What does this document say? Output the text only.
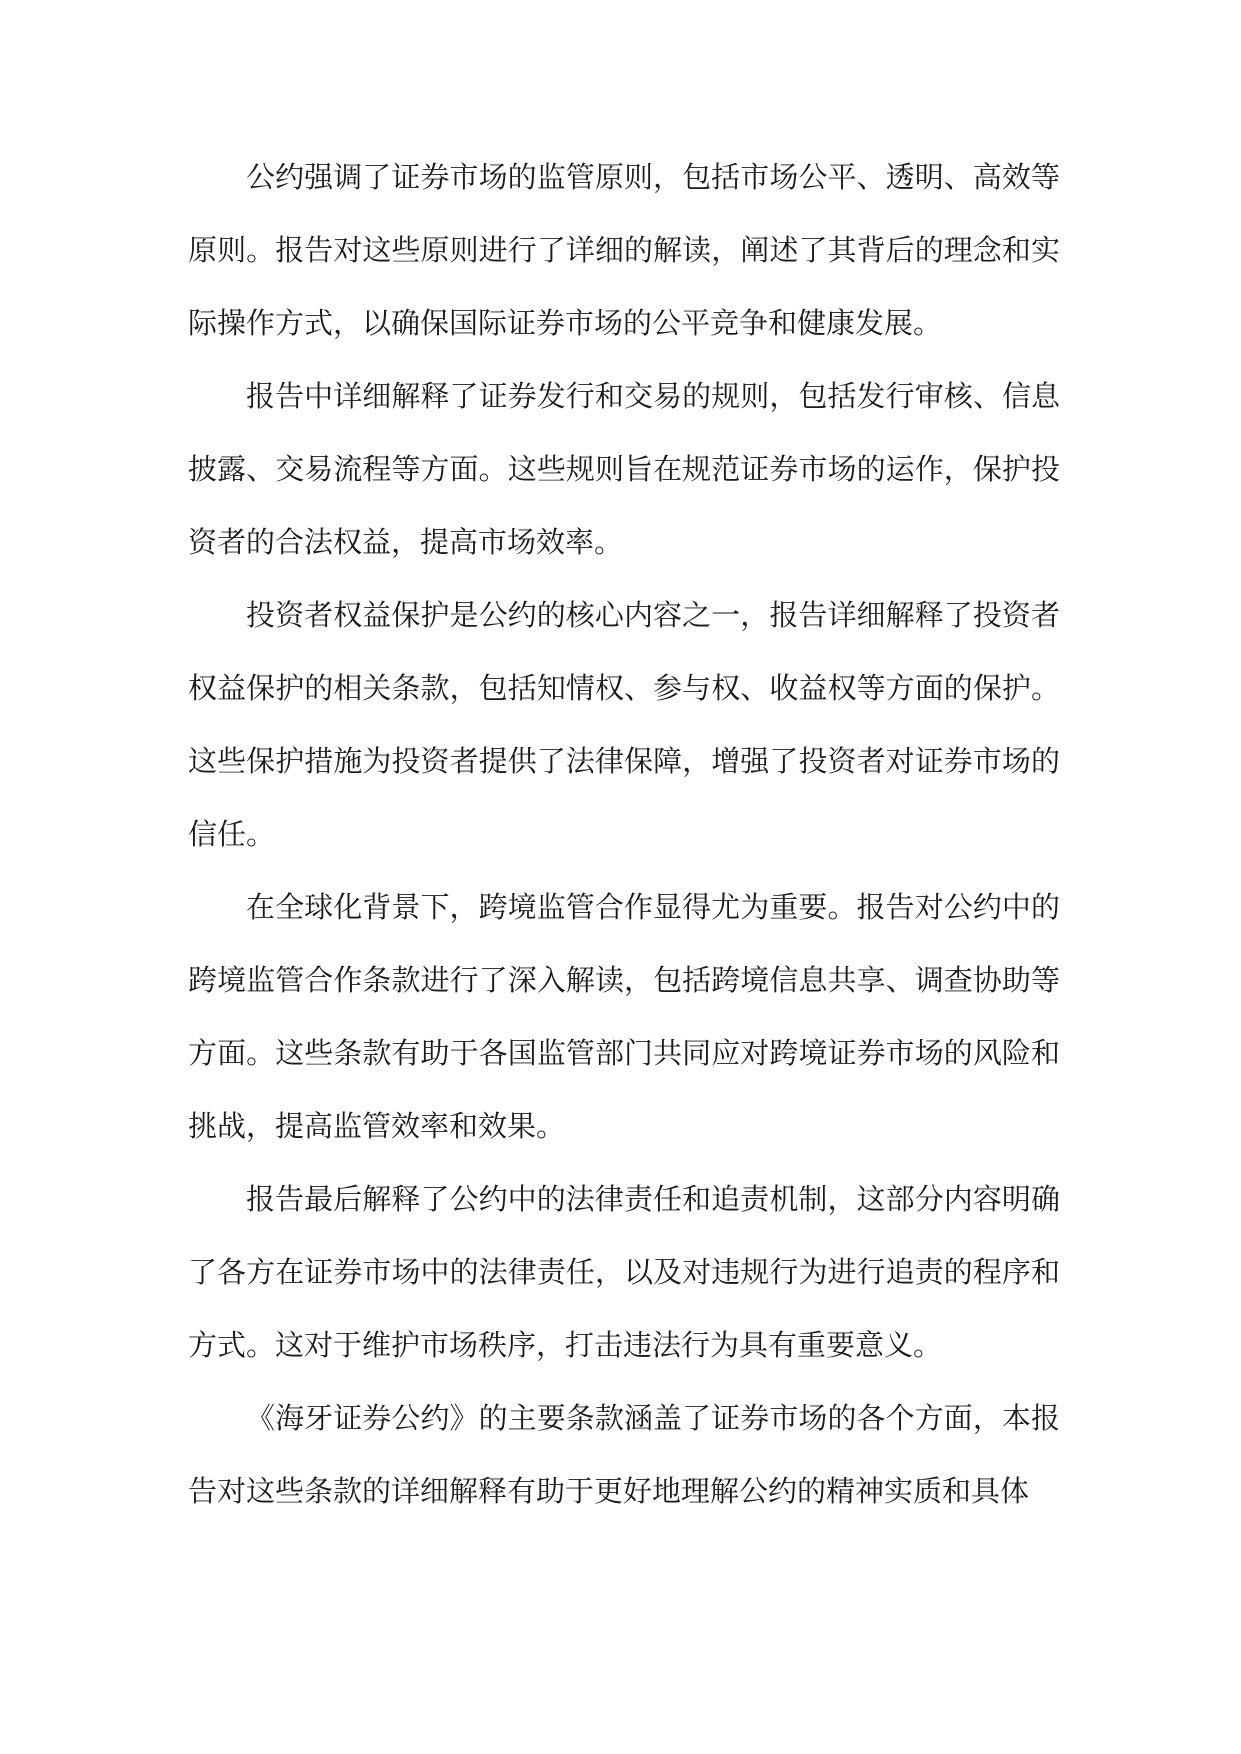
公约强调了证券市场的监管原则，包括市场公平、透明、高效等原则。报告对这些原则进行了详细的解读，阐述了其背后的理念和实际操作方式，以确保国际证券市场的公平竞争和健康发展。

报告中详细解释了证券发行和交易的规则，包括发行审核、信息披露、交易流程等方面。这些规则旨在规范证券市场的运作，保护投资者的合法权益，提高市场效率。

投资者权益保护是公约的核心内容之一，报告详细解释了投资者权益保护的相关条款，包括知情权、参与权、收益权等方面的保护。这些保护措施为投资者提供了法律保障，增强了投资者对证券市场的信任。

在全球化背景下，跨境监管合作显得尤为重要。报告对公约中的跨境监管合作条款进行了深入解读，包括跨境信息共享、调查协助等方面。这些条款有助于各国监管部门共同应对跨境证券市场的风险和挑战，提高监管效率和效果。

报告最后解释了公约中的法律责任和追责机制，这部分内容明确了各方在证券市场中的法律责任，以及对违规行为进行追责的程序和方式。这对于维护市场秩序，打击违法行为具有重要意义。

《海牙证券公约》的主要条款涵盖了证券市场的各个方面，本报告对这些条款的详细解释有助于更好地理解公约的精神实质和具体
